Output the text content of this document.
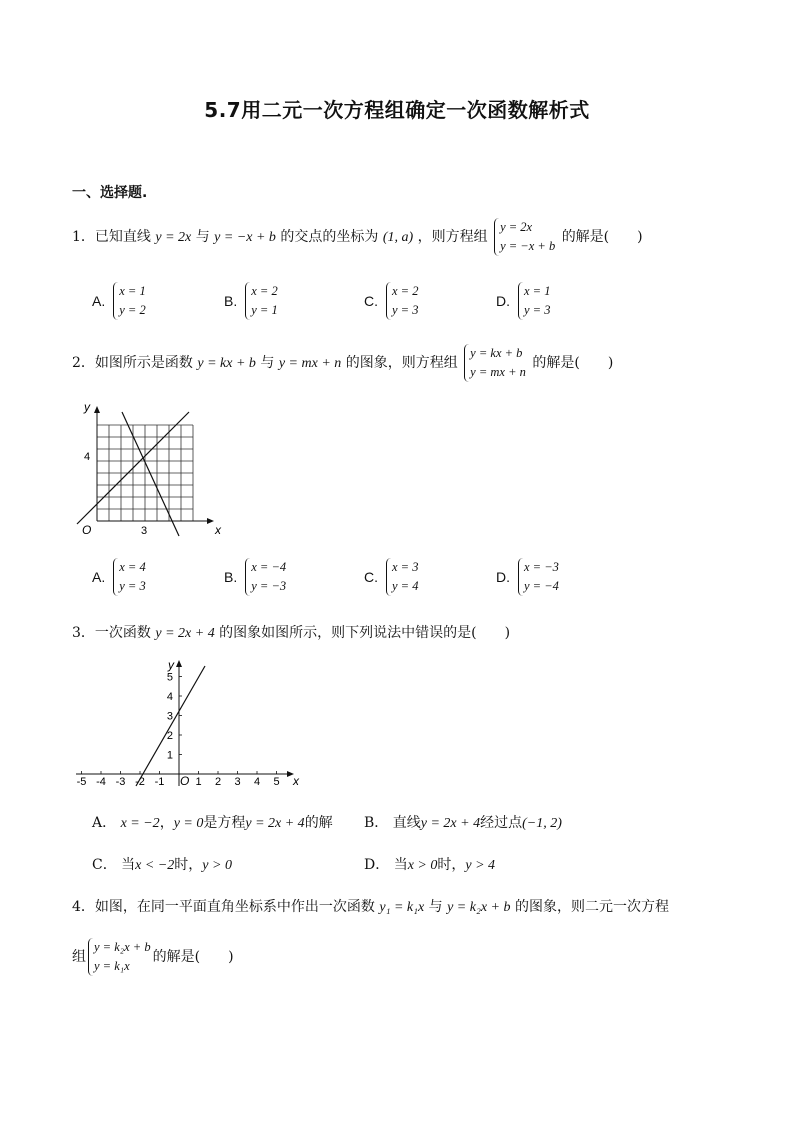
5.7用二元一次方程组确定一次函数解析式
一、选择题.
1．已知直线 y = 2x 与 y = −x + b 的交点的坐标为 (1, a) ，则方程组
y = 2x
y = −x + b
的解是(　　)
A.
x = 1
y = 2
B.
x = 2
y = 1
C.
x = 2
y = 3
D.
x = 1
y = 3
2．如图所示是函数 y = kx + b 与 y = mx + n 的图象，则方程组
y = kx + b
y = mx + n
的解是(　　)
y
x
O
4
3
A.
x = 4
y = 3
B.
x = −4
y = −3
C.
x = 3
y = 4
D.
x = −3
y = −4
3．一次函数 y = 2x + 4 的图象如图所示，则下列说法中错误的是(　　)
-5 -4 -3 -2 -1	1 2 3 4 5
1
2
3
4
5
y
x
O
A． x = −2，y = 0是方程y = 2x + 4的解 B． 直线y = 2x + 4经过点(−1, 2)
C． 当x < −2时，y > 0	D． 当x > 0时，y > 4
4．如图，在同一平面直角坐标系中作出一次函数 y₁ = k₁x 与 y = k₂x + b 的图象，则二元一次方程
组
y = k₂x + b
y = k₁x
的解是(　　)
